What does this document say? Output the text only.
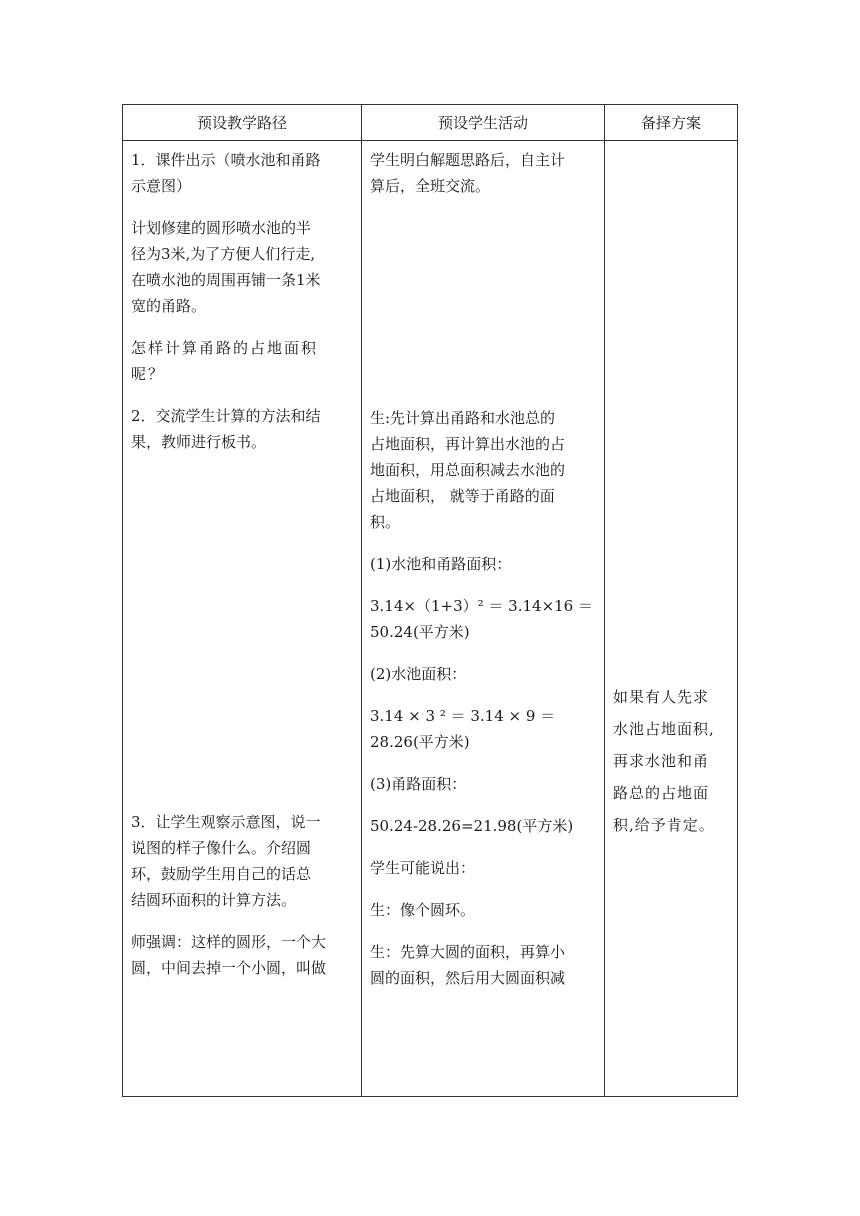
预设教学路径	预设学生活动	备择方案

1．课件出示（喷水池和甬路

示意图）

计划修建的圆形喷水池的半

径为3米,为了方便人们行走,

在喷水池的周围再铺一条1米

宽的甬路。

怎样计算甬路的占地面积

呢？

2．交流学生计算的方法和结

果，教师进行板书。

3．让学生观察示意图，说一

说图的样子像什么。介绍圆

环，鼓励学生用自己的话总

结圆环面积的计算方法。

师强调：这样的圆形，一个大

圆，中间去掉一个小圆，叫做

学生明白解题思路后，自主计

算后，全班交流。

生:先计算出甬路和水池总的

占地面积，再计算出水池的占

地面积，用总面积减去水池的

占地面积， 就等于甬路的面

积。

(1)水池和甬路面积：

3.14×（1+3）² ＝ 3.14×16 ＝

50.24(平方米)

(2)水池面积：

3.14 × 3 ² ＝ 3.14 × 9 ＝

28.26(平方米)

(3)甬路面积：

50.24-28.26=21.98(平方米)

学生可能说出：

生：像个圆环。

生：先算大圆的面积，再算小

圆的面积，然后用大圆面积减

如果有人先求

水池占地面积,

再求水池和甬

路总的占地面

积,给予肯定。
